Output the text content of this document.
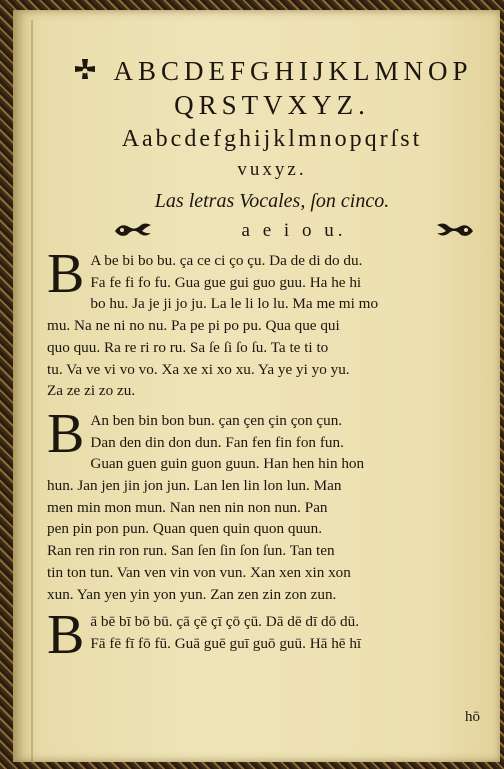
ABCDEFGHIJKLMNOP
QRSTVXYZ.
Aabcdefghijklmnopqrſst
vuxyz.
Las letras Vocales, ſon cinco.
a e i o u.
B A be bi bo bu. ça ce ci ço çu. Da de di do du.
Fa fe fi fo fu. Gua gue gui guo guu. Ha he hi
bo hu. Ja je ji jo ju. La le li lo lu. Ma me mi mo
mu. Na ne ni no nu. Pa pe pi po pu. Qua que qui
quo quu. Ra re ri ro ru. Sa ſe ſi ſo ſu. Ta te ti to
tu. Va ve vi vo vo. Xa xe xi xo xu. Ya ye yi yo yu.
Za ze zi zo zu.
B An ben bin bon bun. çan çen çin çon çun.
Dan den din don dun. Fan fen fin fon fun.
Guan guen guin guon guun. Han hen hin hon
hun. Jan jen jin jon jun. Lan len lin lon lun. Man
men min mon mun. Nan nen nin non nun. Pan
pen pin pon pun. Quan quen quin quon quun.
Ran ren rin ron run. San ſen ſin ſon ſun. Tan ten
tin ton tun. Van ven vin von vun. Xan xen xin xon
xun. Yan yen yin yon yun. Zan zen zin zon zun.
B ā bē bī bō bū. çā çē çī çō çū. Dā dē dī dō dū.
Fā fē fī fō fū. Guā guē guī guō guū. Hā hē hī
hō
